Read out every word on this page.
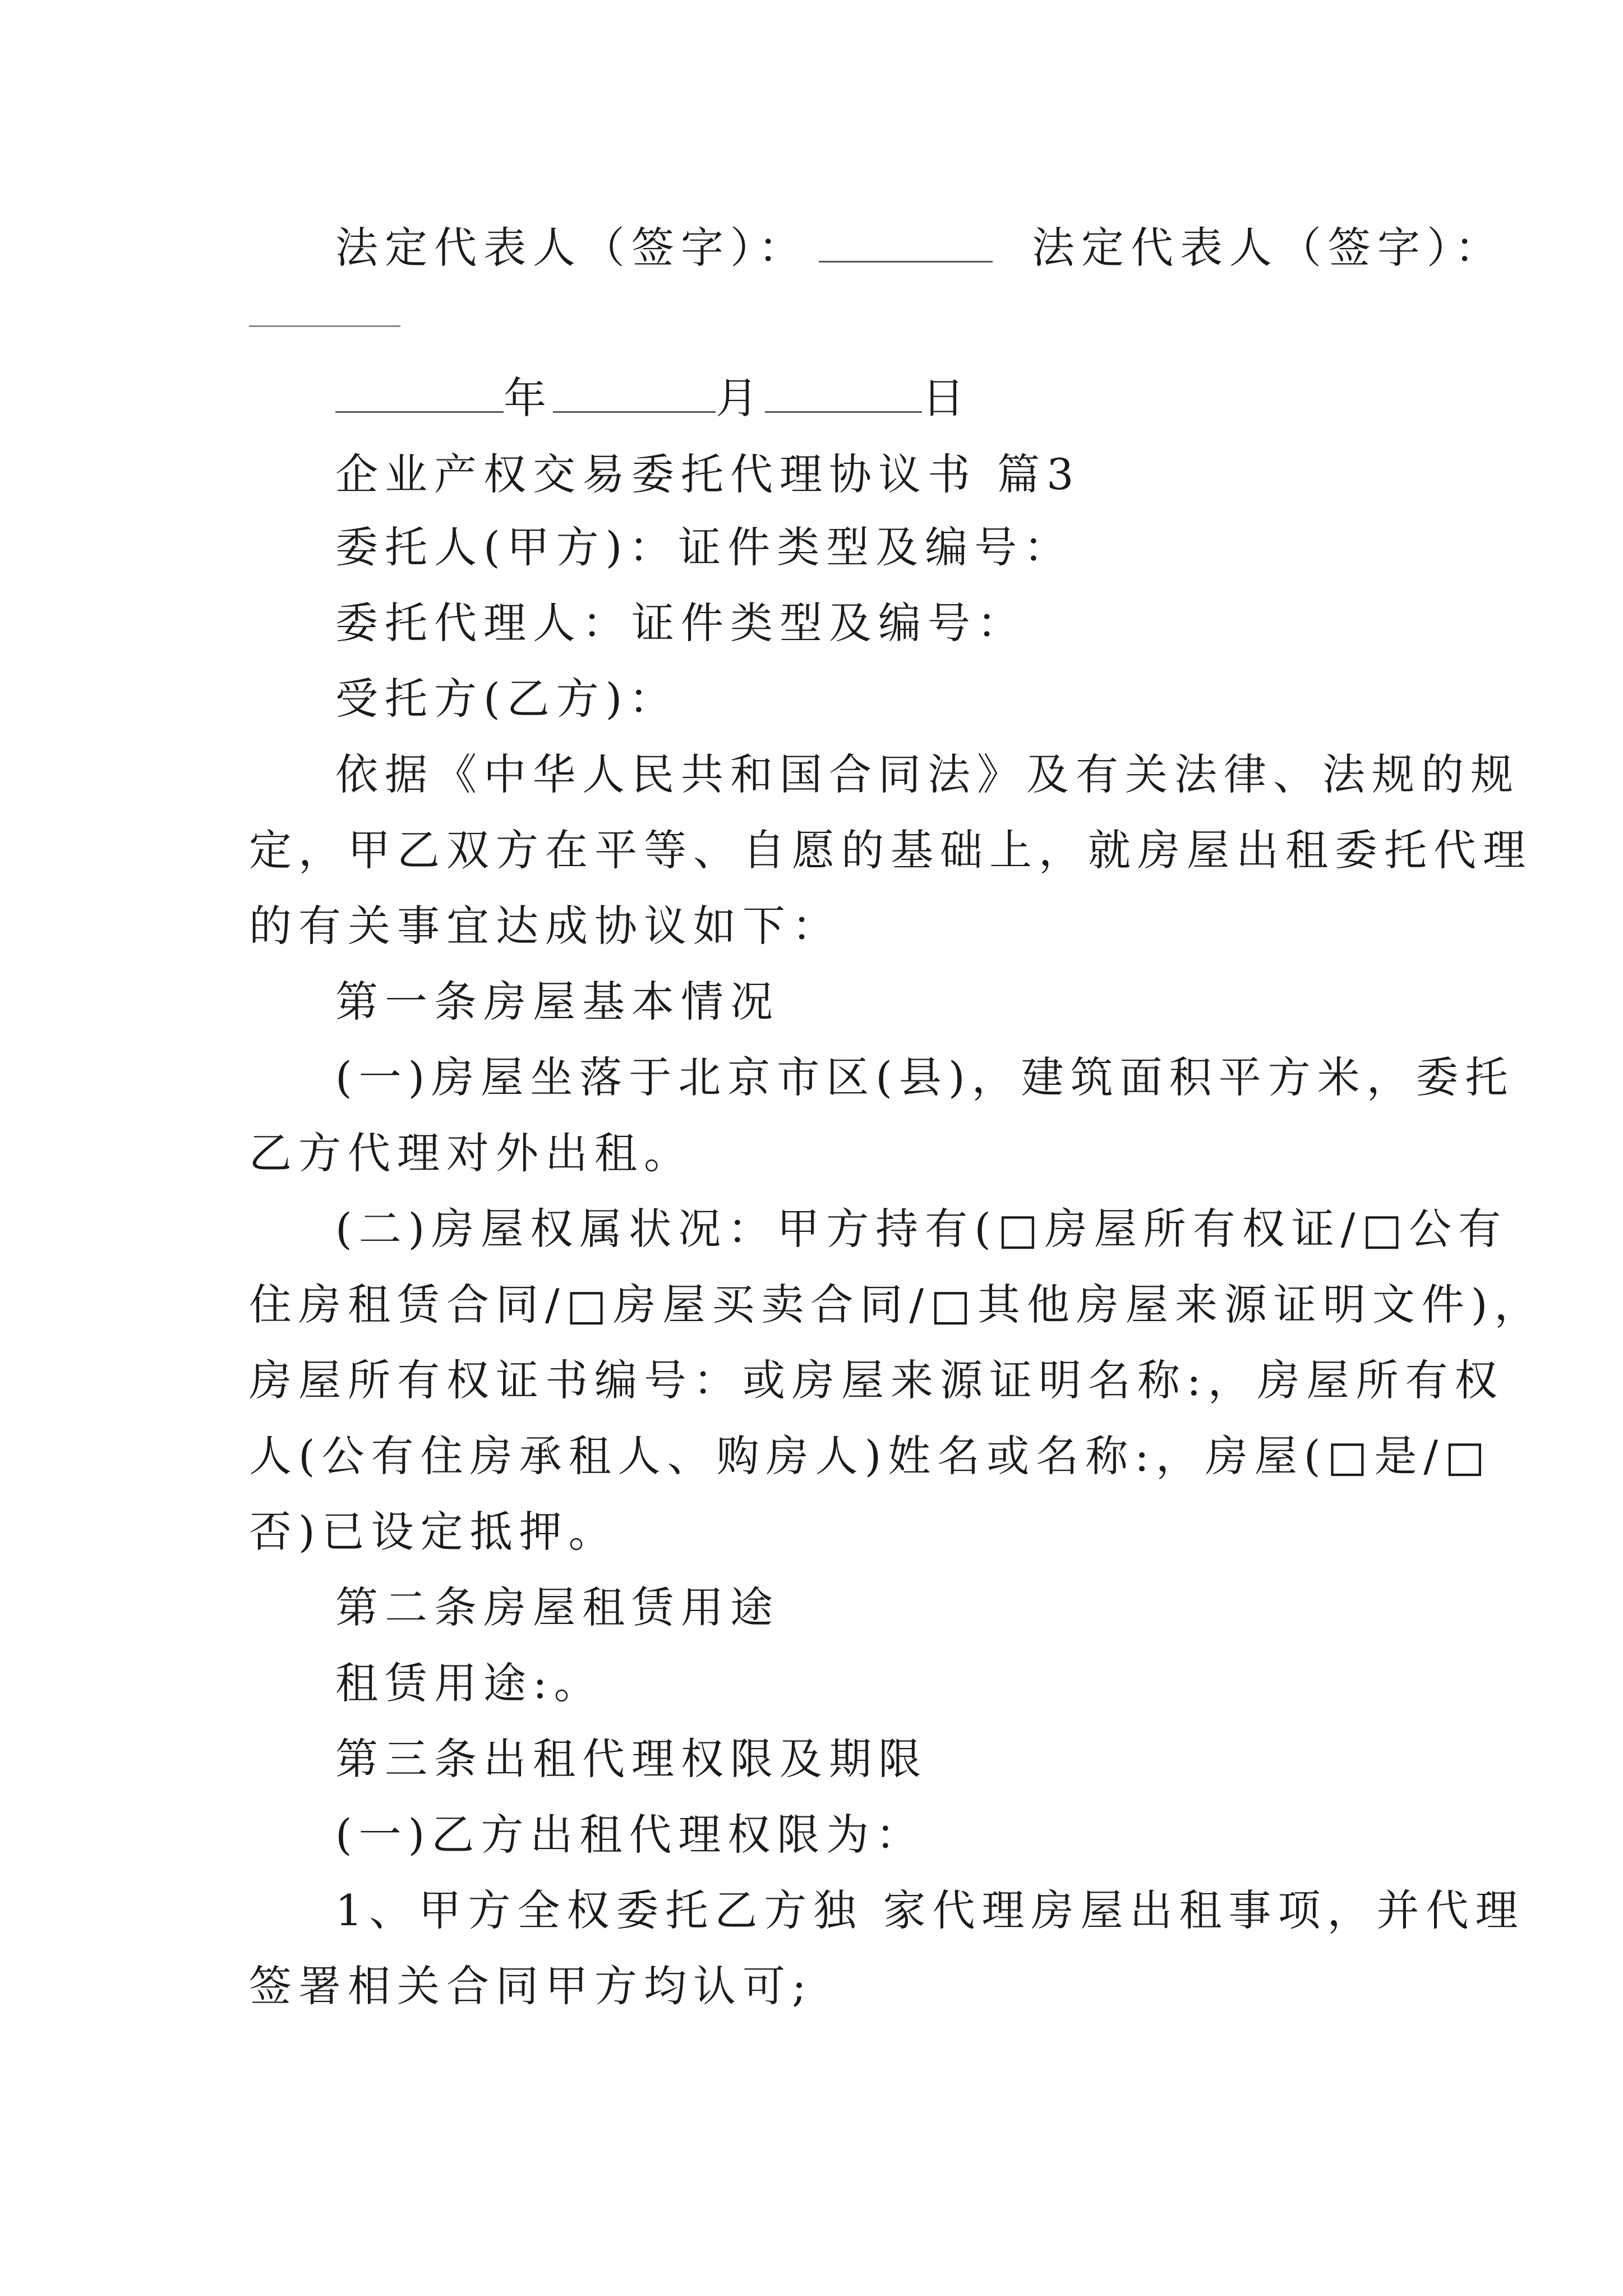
法定代表人（签字）：	法定代表人（签字）：

年	月	日

企业产权交易委托代理协议书 篇3

委托人(甲方)：证件类型及编号：

委托代理人：证件类型及编号：

受托方(乙方)：

依据《中华人民共和国合同法》及有关法律、法规的规

定，甲乙双方在平等、自愿的基础上，就房屋出租委托代理

的有关事宜达成协议如下：

第一条房屋基本情况

(一)房屋坐落于北京市区(县)，建筑面积平方米，委托

乙方代理对外出租。

(二)房屋权属状况：甲方持有(□房屋所有权证/□公有

住房租赁合同/□房屋买卖合同/□其他房屋来源证明文件)，

房屋所有权证书编号：或房屋来源证明名称:，房屋所有权

人(公有住房承租人、购房人)姓名或名称:，房屋(□是/□

否)已设定抵押。

第二条房屋租赁用途

租赁用途:。

第三条出租代理权限及期限

(一)乙方出租代理权限为：

1、甲方全权委托乙方独 家代理房屋出租事项，并代理

签署相关合同甲方均认可;
